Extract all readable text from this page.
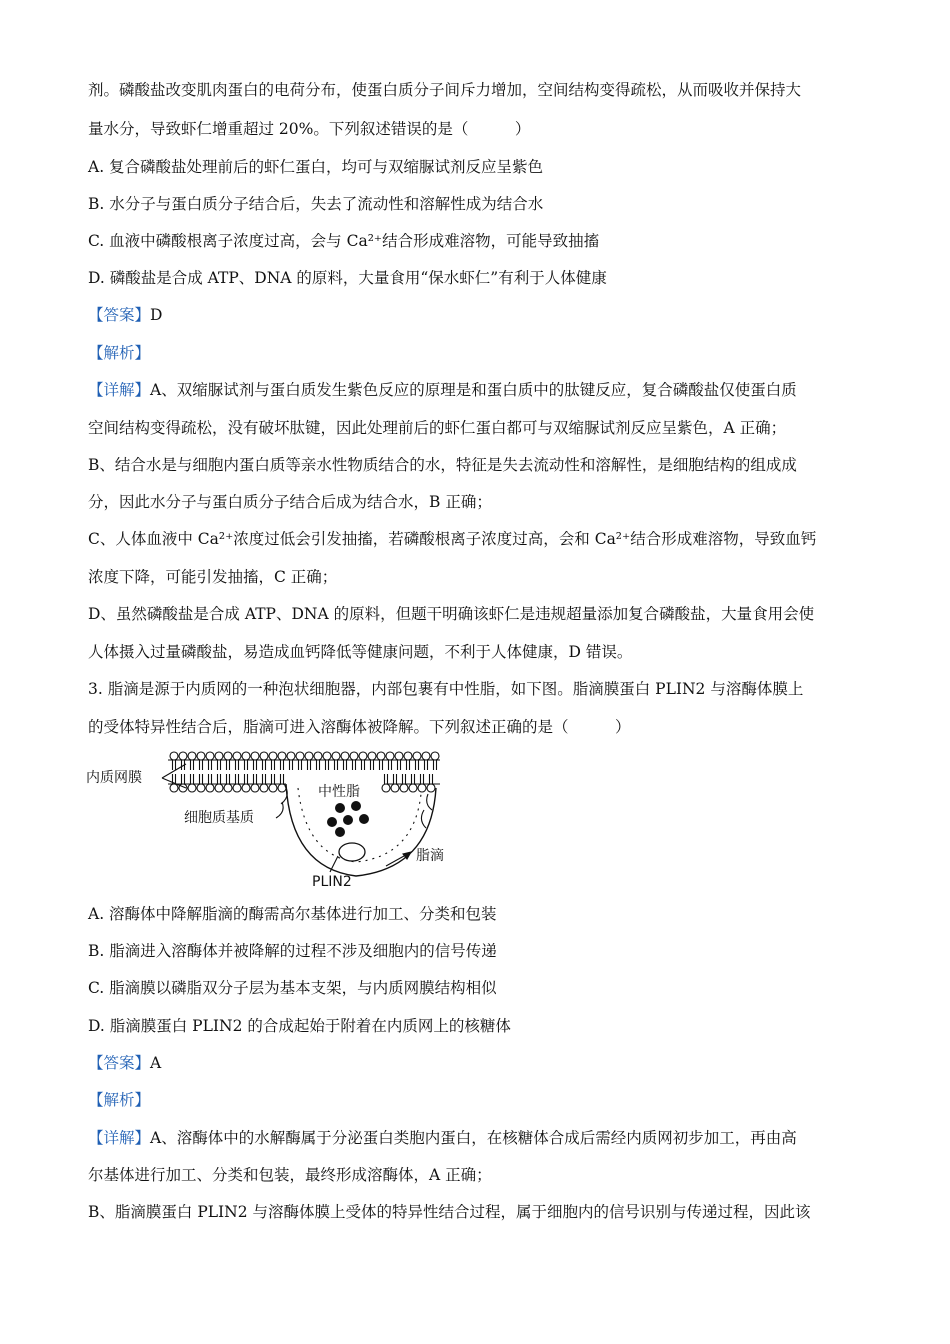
剂。磷酸盐改变肌肉蛋白的电荷分布，使蛋白质分子间斥力增加，空间结构变得疏松，从而吸收并保持大
量水分，导致虾仁增重超过 20%。下列叙述错误的是（　　　）
A. 复合磷酸盐处理前后的虾仁蛋白，均可与双缩脲试剂反应呈紫色
B. 水分子与蛋白质分子结合后，失去了流动性和溶解性成为结合水
C. 血液中磷酸根离子浓度过高，会与 Ca²⁺结合形成难溶物，可能导致抽搐
D. 磷酸盐是合成 ATP、DNA 的原料，大量食用“保水虾仁”有利于人体健康
【答案】D
【解析】
【详解】A、双缩脲试剂与蛋白质发生紫色反应的原理是和蛋白质中的肽键反应，复合磷酸盐仅使蛋白质
空间结构变得疏松，没有破坏肽键，因此处理前后的虾仁蛋白都可与双缩脲试剂反应呈紫色，A 正确；
B、结合水是与细胞内蛋白质等亲水性物质结合的水，特征是失去流动性和溶解性，是细胞结构的组成成
分，因此水分子与蛋白质分子结合后成为结合水，B 正确；
C、人体血液中 Ca²⁺浓度过低会引发抽搐，若磷酸根离子浓度过高，会和 Ca²⁺结合形成难溶物，导致血钙
浓度下降，可能引发抽搐，C 正确；
D、虽然磷酸盐是合成 ATP、DNA 的原料，但题干明确该虾仁是违规超量添加复合磷酸盐，大量食用会使
人体摄入过量磷酸盐，易造成血钙降低等健康问题，不利于人体健康，D 错误。
3. 脂滴是源于内质网的一种泡状细胞器，内部包裹有中性脂，如下图。脂滴膜蛋白 PLIN2 与溶酶体膜上
的受体特异性结合后，脂滴可进入溶酶体被降解。下列叙述正确的是（　　　）
内质网膜
细胞质基质
中性脂
脂滴
PLIN2
A. 溶酶体中降解脂滴的酶需高尔基体进行加工、分类和包装
B. 脂滴进入溶酶体并被降解的过程不涉及细胞内的信号传递
C. 脂滴膜以磷脂双分子层为基本支架，与内质网膜结构相似
D. 脂滴膜蛋白 PLIN2 的合成起始于附着在内质网上的核糖体
【答案】A
【解析】
【详解】A、溶酶体中的水解酶属于分泌蛋白类胞内蛋白，在核糖体合成后需经内质网初步加工，再由高
尔基体进行加工、分类和包装，最终形成溶酶体，A 正确；
B、脂滴膜蛋白 PLIN2 与溶酶体膜上受体的特异性结合过程，属于细胞内的信号识别与传递过程，因此该
